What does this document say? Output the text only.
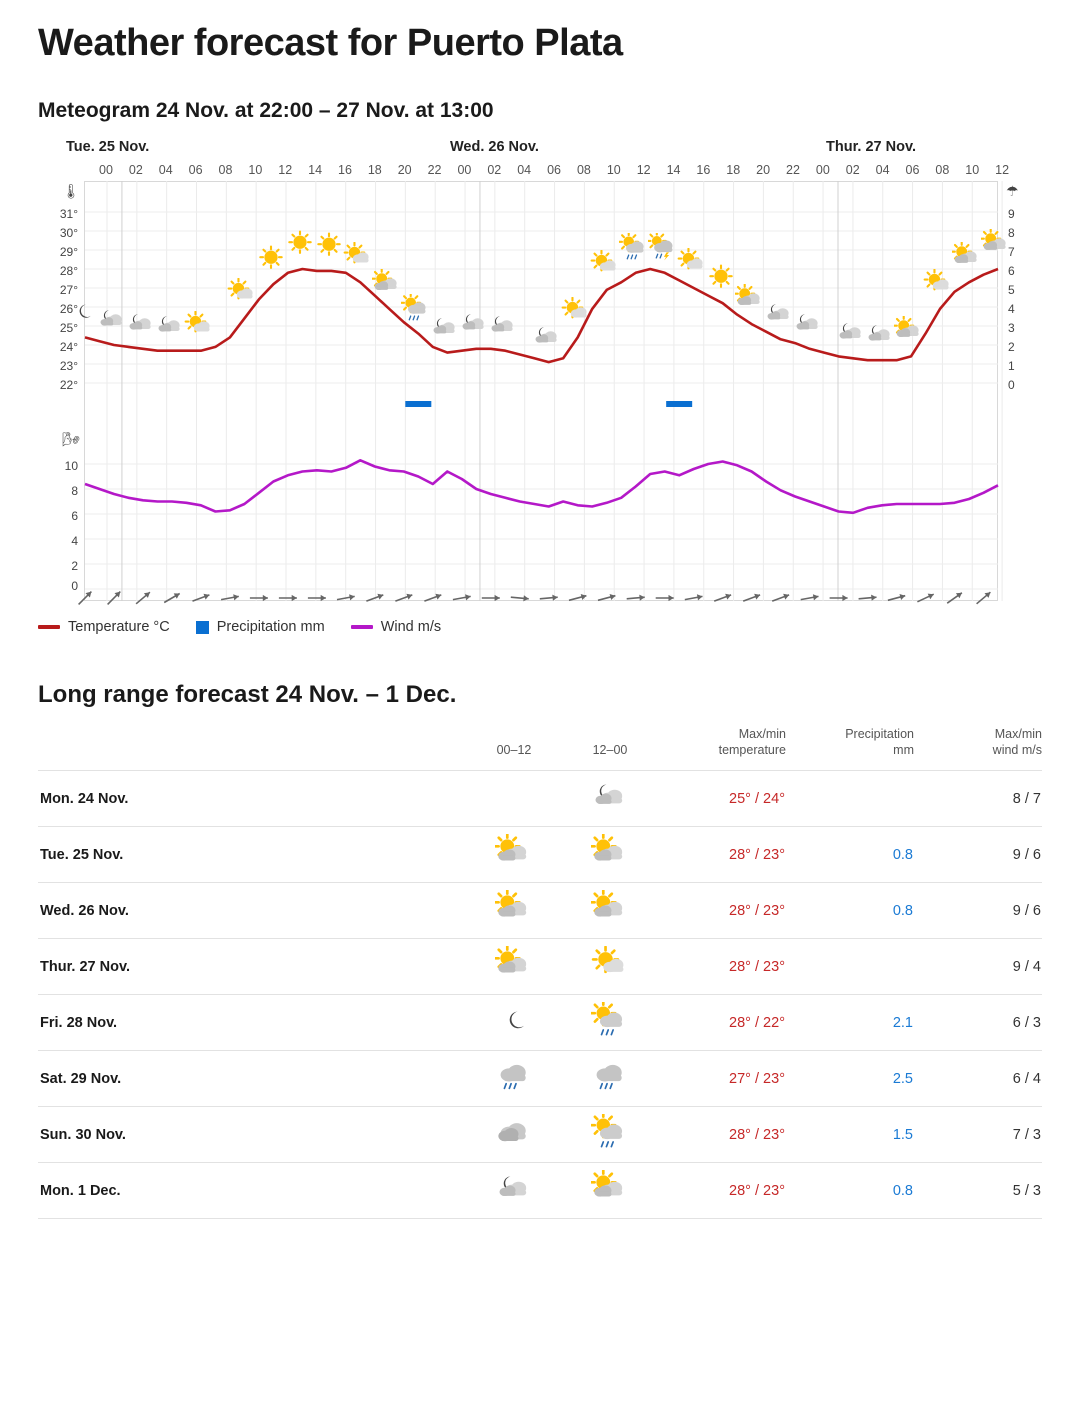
Weather forecast for Puerto Plata
Meteogram 24 Nov. at 22:00 – 27 Nov. at 13:00
Tue. 25 Nov.	Wed. 26 Nov.	Thur. 27 Nov.
00 02 04 06 08 10 12 14 16 18 20 22 00 02 04 06 08 10 12 14 16 18 20 22 00 02 04 06 08 10 12
🌡
31°
30°
29°
28°
27°
26°
25°
24°
23°
22°
🌬
10
8
6
4
2
0
☂
9
8
7
6
5
4
3
2
1
0
Temperature °C	Precipitation mm	Wind m/s
Long range forecast 24 Nov. – 1 Dec.
	00–12	12–00	
Max/min
temperature

Precipitation
mm

Max/min
wind m/s

Mon. 24 Nov.			25° / 24°		8 / 7
Tue. 25 Nov.			28° / 23°	0.8	9 / 6
Wed. 26 Nov.			28° / 23°	0.8	9 / 6
Thur. 27 Nov.			28° / 23°		9 / 4
Fri. 28 Nov.			28° / 22°	2.1	6 / 3
Sat. 29 Nov.			27° / 23°	2.5	6 / 4
Sun. 30 Nov.			28° / 23°	1.5	7 / 3
Mon. 1 Dec.			28° / 23°	0.8	5 / 3
